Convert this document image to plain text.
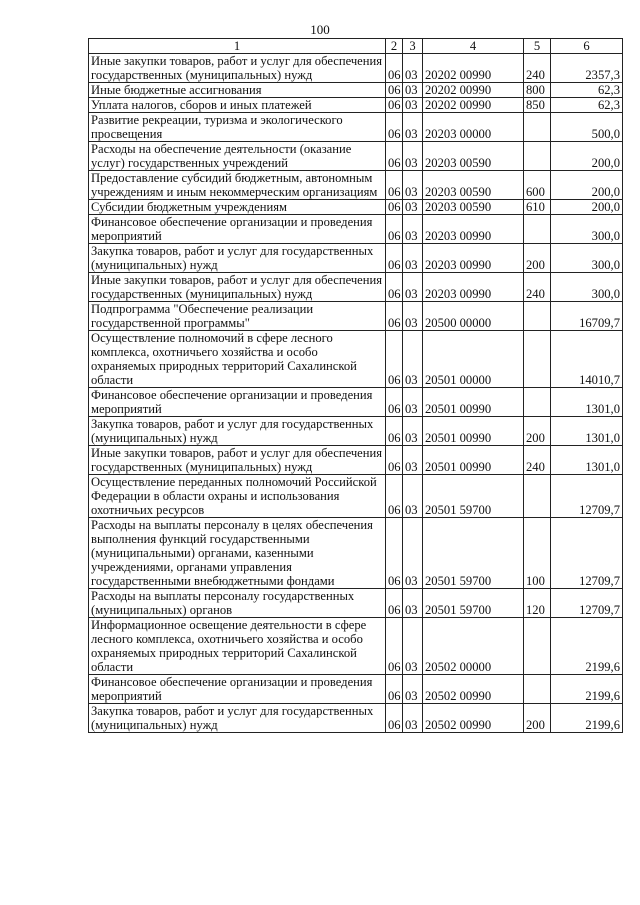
100
1	2	3	4	5	6
Иные закупки товаров, работ и услуг для обеспечения государственных (муниципальных) нужд	06	03	20202 00990	240	2357,3
Иные бюджетные ассигнования	06	03	20202 00990	800	62,3
Уплата налогов, сборов и иных платежей	06	03	20202 00990	850	62,3
Развитие рекреации, туризма и экологического просвещения	06	03	20203 00000		500,0
Расходы на обеспечение деятельности (оказание услуг) государственных учреждений	06	03	20203 00590		200,0
Предоставление субсидий бюджетным, автономным учреждениям и иным некоммерческим организациям	06	03	20203 00590	600	200,0
Субсидии бюджетным учреждениям	06	03	20203 00590	610	200,0
Финансовое обеспечение организации и проведения мероприятий	06	03	20203 00990		300,0
Закупка товаров, работ и услуг для государственных (муниципальных) нужд	06	03	20203 00990	200	300,0
Иные закупки товаров, работ и услуг для обеспечения государственных (муниципальных) нужд	06	03	20203 00990	240	300,0
Подпрограмма "Обеспечение реализации государственной программы"	06	03	20500 00000		16709,7
Осуществление полномочий в сфере лесного комплекса, охотничьего хозяйства и особо охраняемых природных территорий Сахалинской области	06	03	20501 00000		14010,7
Финансовое обеспечение организации и проведения мероприятий	06	03	20501 00990		1301,0
Закупка товаров, работ и услуг для государственных (муниципальных) нужд	06	03	20501 00990	200	1301,0
Иные закупки товаров, работ и услуг для обеспечения государственных (муниципальных) нужд	06	03	20501 00990	240	1301,0
Осуществление переданных полномочий Российской Федерации в области охраны и использования охотничьих ресурсов	06	03	20501 59700		12709,7
Расходы на выплаты персоналу в целях обеспечения выполнения функций государственными (муниципальными) органами, казенными учреждениями, органами управления государственными внебюджетными фондами	06	03	20501 59700	100	12709,7
Расходы на выплаты персоналу государственных (муниципальных) органов	06	03	20501 59700	120	12709,7
Информационное освещение деятельности в сфере лесного комплекса, охотничьего хозяйства и особо охраняемых природных территорий Сахалинской области	06	03	20502 00000		2199,6
Финансовое обеспечение организации и проведения мероприятий	06	03	20502 00990		2199,6
Закупка товаров, работ и услуг для государственных (муниципальных) нужд	06	03	20502 00990	200	2199,6
